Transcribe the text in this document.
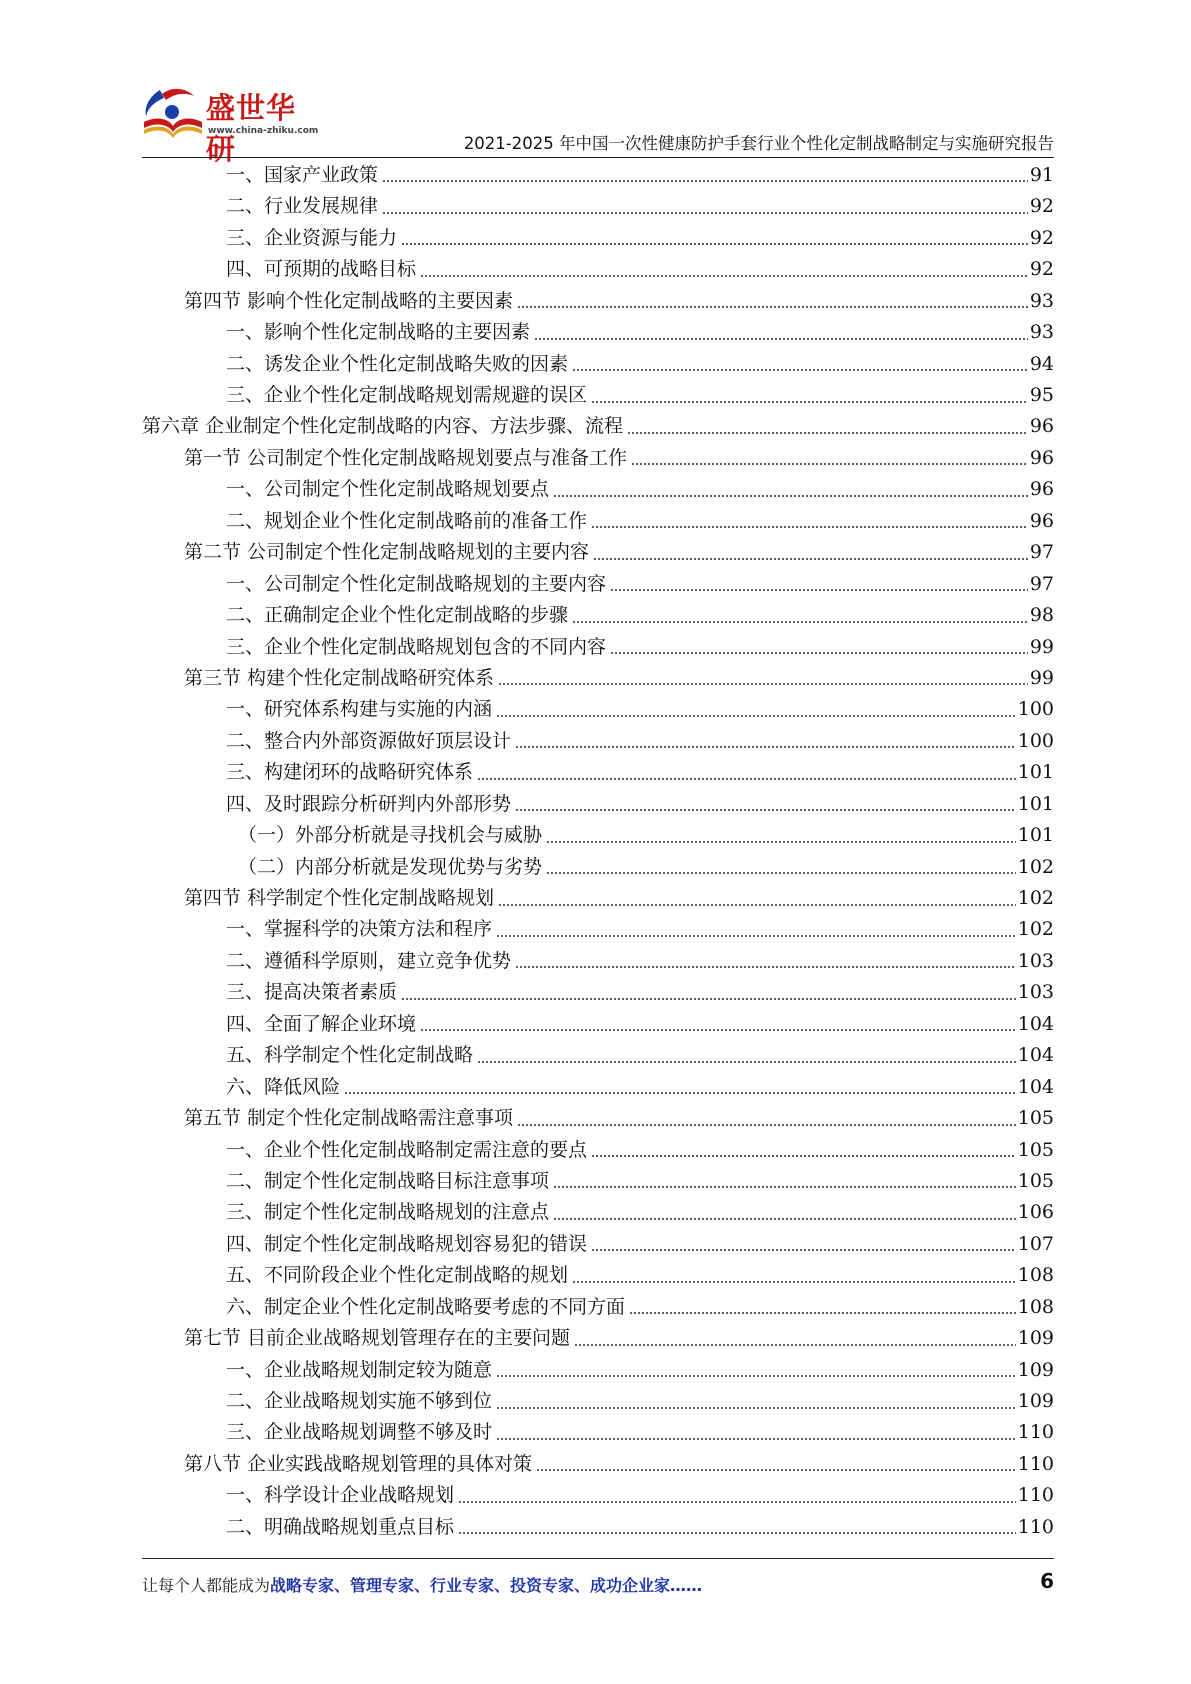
盛世华研
www.china-zhiku.com
2021-2025 年中国一次性健康防护手套行业个性化定制战略制定与实施研究报告
一、国家产业政策	91
二、行业发展规律	92
三、企业资源与能力	92
四、可预期的战略目标	92
第四节 影响个性化定制战略的主要因素	93
一、影响个性化定制战略的主要因素	93
二、诱发企业个性化定制战略失败的因素	94
三、企业个性化定制战略规划需规避的误区	95
第六章 企业制定个性化定制战略的内容、方法步骤、流程	96
第一节 公司制定个性化定制战略规划要点与准备工作	96
一、公司制定个性化定制战略规划要点	96
二、规划企业个性化定制战略前的准备工作	96
第二节 公司制定个性化定制战略规划的主要内容	97
一、公司制定个性化定制战略规划的主要内容	97
二、正确制定企业个性化定制战略的步骤	98
三、企业个性化定制战略规划包含的不同内容	99
第三节 构建个性化定制战略研究体系	99
一、研究体系构建与实施的内涵	100
二、整合内外部资源做好顶层设计	100
三、构建闭环的战略研究体系	101
四、及时跟踪分析研判内外部形势	101
（一）外部分析就是寻找机会与威胁	101
（二）内部分析就是发现优势与劣势	102
第四节 科学制定个性化定制战略规划	102
一、掌握科学的决策方法和程序	102
二、遵循科学原则，建立竞争优势	103
三、提高决策者素质	103
四、全面了解企业环境	104
五、科学制定个性化定制战略	104
六、降低风险	104
第五节 制定个性化定制战略需注意事项	105
一、企业个性化定制战略制定需注意的要点	105
二、制定个性化定制战略目标注意事项	105
三、制定个性化定制战略规划的注意点	106
四、制定个性化定制战略规划容易犯的错误	107
五、不同阶段企业个性化定制战略的规划	108
六、制定企业个性化定制战略要考虑的不同方面	108
第七节 目前企业战略规划管理存在的主要问题	109
一、企业战略规划制定较为随意	109
二、企业战略规划实施不够到位	109
三、企业战略规划调整不够及时	110
第八节 企业实践战略规划管理的具体对策	110
一、科学设计企业战略规划	110
二、明确战略规划重点目标	110
让每个人都能成为战略专家、管理专家、行业专家、投资专家、成功企业家……	6
